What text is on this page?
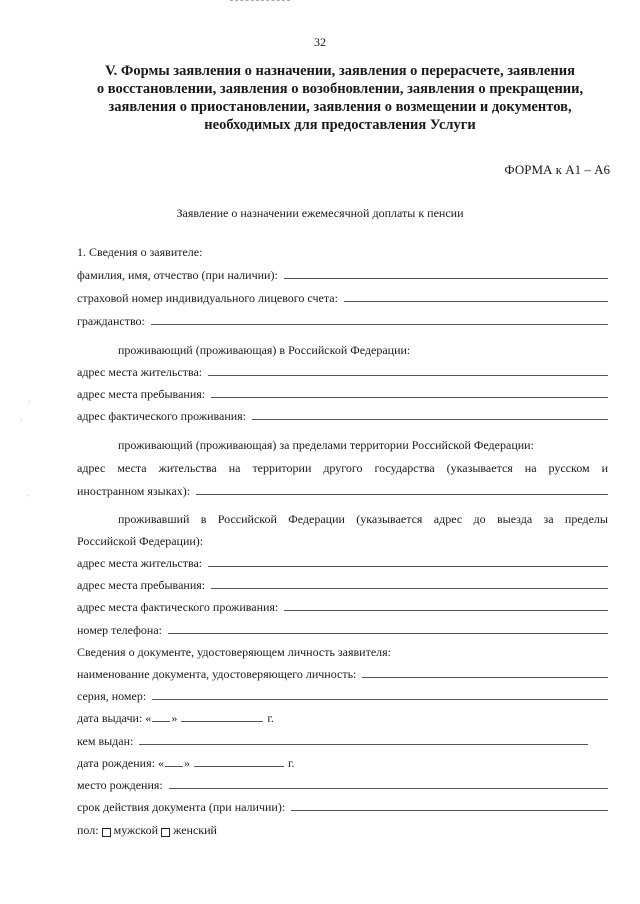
32
V. Формы заявления о назначении, заявления о перерасчете, заявления
о восстановлении, заявления о возобновлении, заявления о прекращении,
заявления о приостановлении, заявления о возмещении и документов,
необходимых для предоставления Услуги
ФОРМА к А1 – А6
Заявление о назначении ежемесячной доплаты к пенсии
1. Сведения о заявителе:
фамилия, имя, отчество (при наличии):
страховой номер индивидуального лицевого счета:
гражданство:
проживающий (проживающая) в Российской Федерации:
адрес места жительства:
адрес места пребывания:
адрес фактического проживания:
проживающий (проживающая) за пределами территории Российской Федерации:
адрес места жительства на территории другого государства (указывается на русском и
иностранном языках):
проживавший в Российской Федерации (указывается адрес до выезда за пределы
Российской Федерации):
адрес места жительства:
адрес места пребывания:
адрес места фактического проживания:
номер телефона:
Сведения о документе, удостоверяющем личность заявителя:
наименование документа, удостоверяющего личность:
серия, номер:
дата выдачи: « »	г.
кем выдан:
дата рождения: « »	г.
место рождения:
срок действия документа (при наличии):
пол: мужской женский
ˌ
ˌ
ˌ
